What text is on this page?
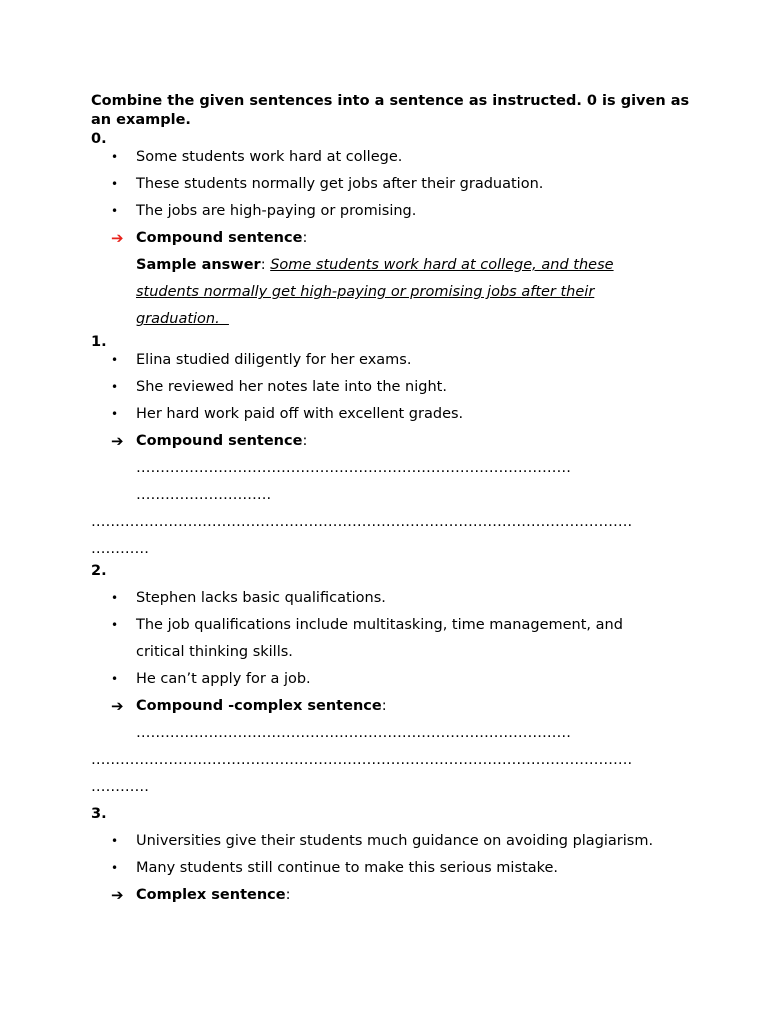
Combine the given sentences into a sentence as instructed. 0 is given as an example.

0.

• Some students work hard at college.
• These students normally get jobs after their graduation.
• The jobs are high-paying or promising.
➔ Compound sentence:
Sample answer: Some students work hard at college, and these
students normally get high-paying or promising jobs after their
graduation.

1.

• Elina studied diligently for her exams.
• She reviewed her notes late into the night.
• Her hard work paid off with excellent grades.
➔ Compound sentence:
………………………………………………………………………………
……………………….
………………………………………………………………………………………………….
…………
2.
• Stephen lacks basic qualifications.
• The job qualifications include multitasking, time management, and
critical thinking skills.
• He can’t apply for a job.
➔ Compound -complex sentence:
………………………………………………………………………………
………………………………………………………………………………………………….
…………
3.
• Universities give their students much guidance on avoiding plagiarism.
• Many students still continue to make this serious mistake.
➔ Complex sentence:
